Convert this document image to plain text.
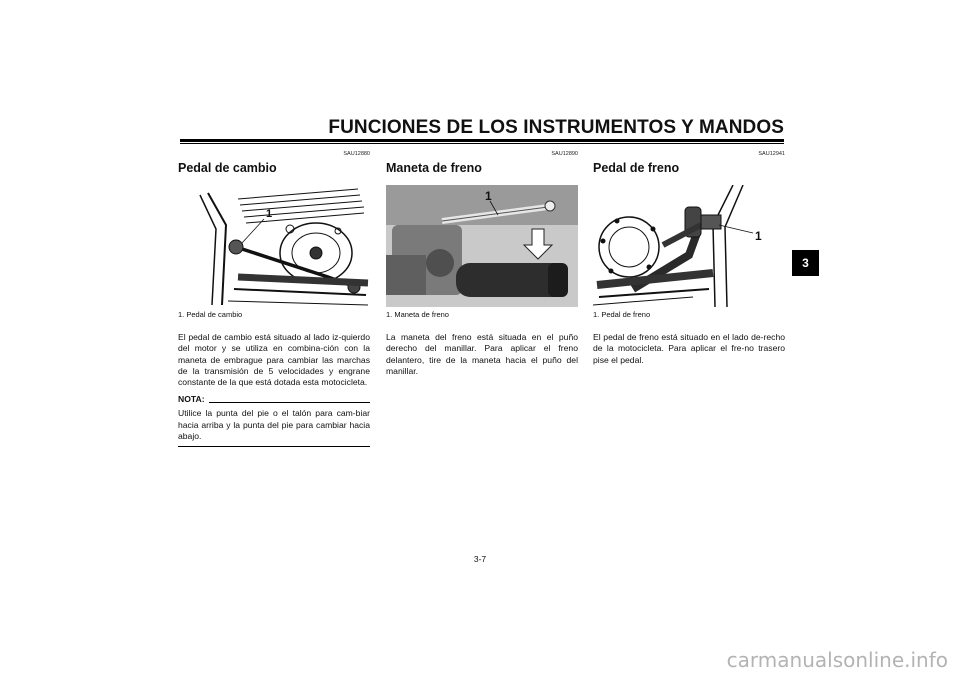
FUNCIONES DE LOS INSTRUMENTOS Y MANDOS
3
SAU12880
Pedal de cambio
1
1. Pedal de cambio
El pedal de cambio está situado al lado iz-quierdo del motor y se utiliza en combina-ción con la maneta de embrague para cambiar las marchas de la transmisión de 5 velocidades y engrane constante de la que está dotada esta motocicleta.
NOTA:
Utilice la punta del pie o el talón para cam-biar hacia arriba y la punta del pie para cambiar hacia abajo.
SAU12890
Maneta de freno
1
1. Maneta de freno
La maneta del freno está situada en el puño derecho del manillar. Para aplicar el freno delantero, tire de la maneta hacia el puño del manillar.
SAU12941
Pedal de freno
1
1. Pedal de freno
El pedal de freno está situado en el lado de-recho de la motocicleta. Para aplicar el fre-no trasero pise el pedal.
3-7
carmanualsonline.info
